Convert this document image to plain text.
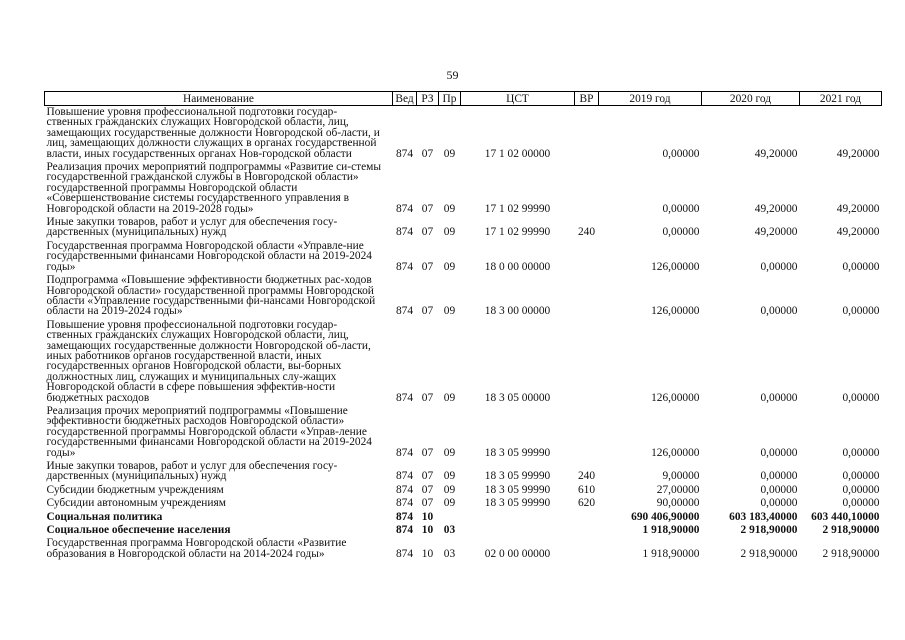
59
Наименование	Вед	РЗ	Пр	ЦСТ	ВР	2019 год	2020 год	2021 год
Повышение уровня профессиональной подготовки государ-ственных гражданских служащих Новгородской области, лиц, замещающих государственные должности Новгородской об-ласти, и лиц, замещающих должности служащих в органах государственной власти, иных государственных органах Нов-городской области	874	07	09	17 1 02 00000		0,00000	49,20000	49,20000
Реализация прочих мероприятий подпрограммы «Развитие си-стемы государственной гражданской службы в Новгородской области» государственной программы Новгородской области «Совершенствование системы государственного управления в Новгородской области на 2019-2028 годы»	874	07	09	17 1 02 99990		0,00000	49,20000	49,20000
Иные закупки товаров, работ и услуг для обеспечения госу-дарственных (муниципальных) нужд	874	07	09	17 1 02 99990	240	0,00000	49,20000	49,20000
Государственная программа Новгородской области «Управле-ние государственными финансами Новгородской области на 2019-2024 годы»	874	07	09	18 0 00 00000		126,00000	0,00000	0,00000
Подпрограмма «Повышение эффективности бюджетных рас-ходов Новгородской области» государственной программы Новгородской области «Управление государственными фи-нансами Новгородской области на 2019-2024 годы»	874	07	09	18 3 00 00000		126,00000	0,00000	0,00000
Повышение уровня профессиональной подготовки государ-ственных гражданских служащих Новгородской области, лиц, замещающих государственные должности Новгородской об-ласти, иных работников органов государственной власти, иных государственных органов Новгородской области, вы-борных должностных лиц, служащих и муниципальных слу-жащих Новгородской области в сфере повышения эффектив-ности бюджетных расходов	874	07	09	18 3 05 00000		126,00000	0,00000	0,00000
Реализация прочих мероприятий подпрограммы «Повышение эффективности бюджетных расходов Новгородской области» государственной программы Новгородской области «Управ-ление государственными финансами Новгородской области на 2019-2024 годы»	874	07	09	18 3 05 99990		126,00000	0,00000	0,00000
Иные закупки товаров, работ и услуг для обеспечения госу-дарственных (муниципальных) нужд	874	07	09	18 3 05 99990	240	9,00000	0,00000	0,00000
Субсидии бюджетным учреждениям	874	07	09	18 3 05 99990	610	27,00000	0,00000	0,00000
Субсидии автономным учреждениям	874	07	09	18 3 05 99990	620	90,00000	0,00000	0,00000
Социальная политика	874	10				690 406,90000	603 183,40000	603 440,10000
Социальное обеспечение населения	874	10	03			1 918,90000	2 918,90000	2 918,90000
Государственная программа Новгородской области «Развитие образования в Новгородской области на 2014-2024 годы»	874	10	03	02 0 00 00000		1 918,90000	2 918,90000	2 918,90000
